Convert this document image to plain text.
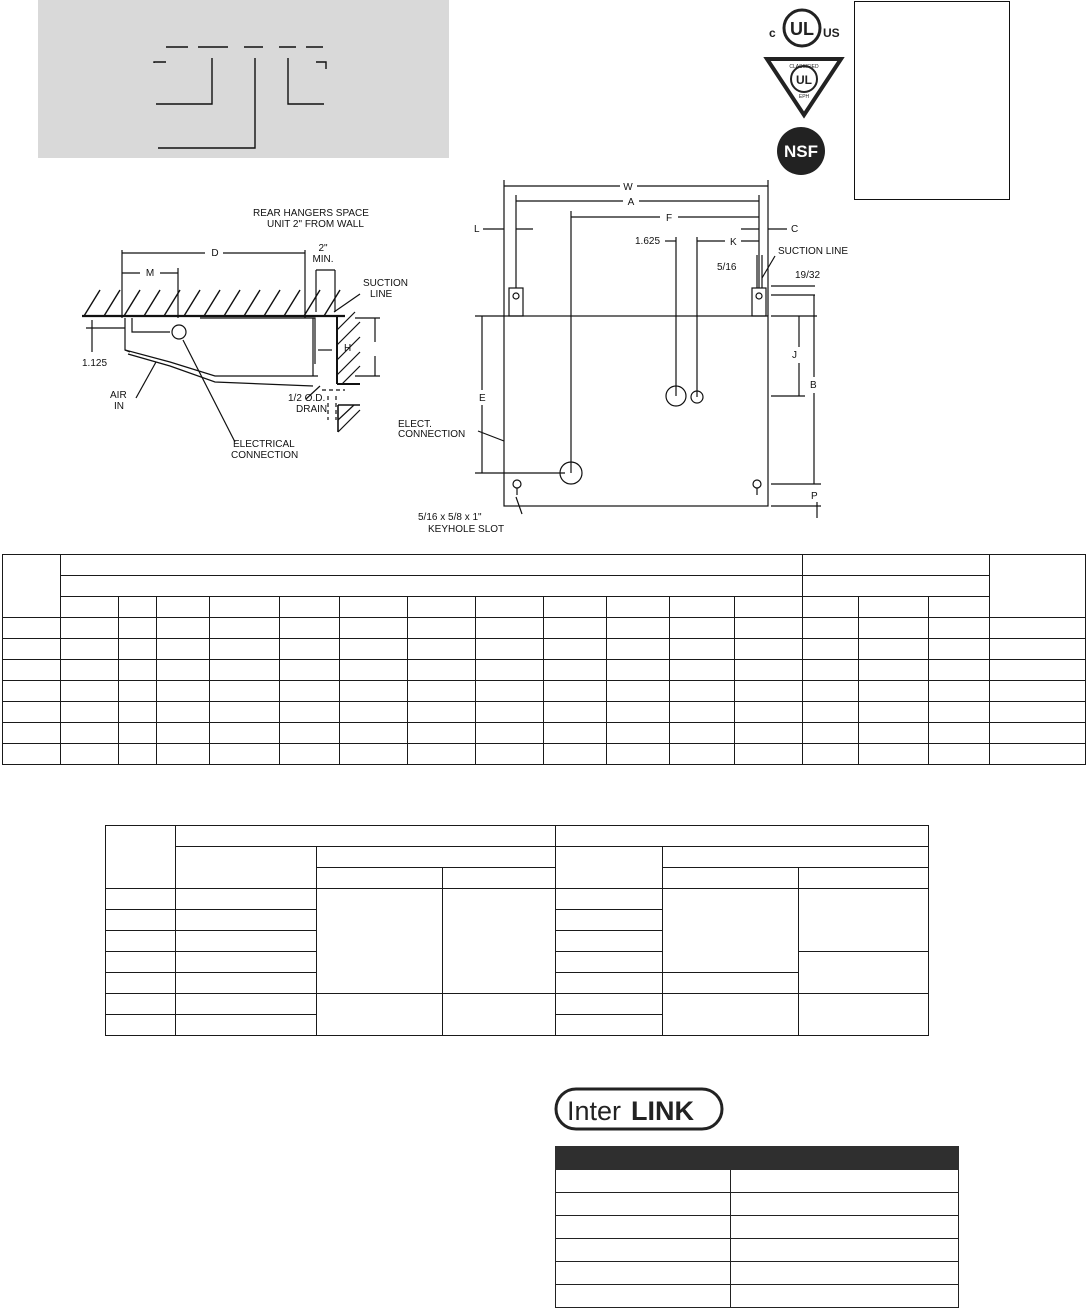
UL
c	US
UL
CLASSIFIED
EPH
NSF
REAR HANGERS SPACE
UNIT 2" FROM WALL
D
M
2"
MIN.
SUCTION
LINE
H
1.125
AIR
IN
1/2 O.D.
DRAIN
ELECTRICAL
CONNECTION
W
A
F
L	C
K
1.625
5/16
SUCTION LINE
19/32
J
B
E
P
ELECT.
CONNECTION
5/16 x 5/8 x 1"
KEYHOLE SLOT

Inter LINK
